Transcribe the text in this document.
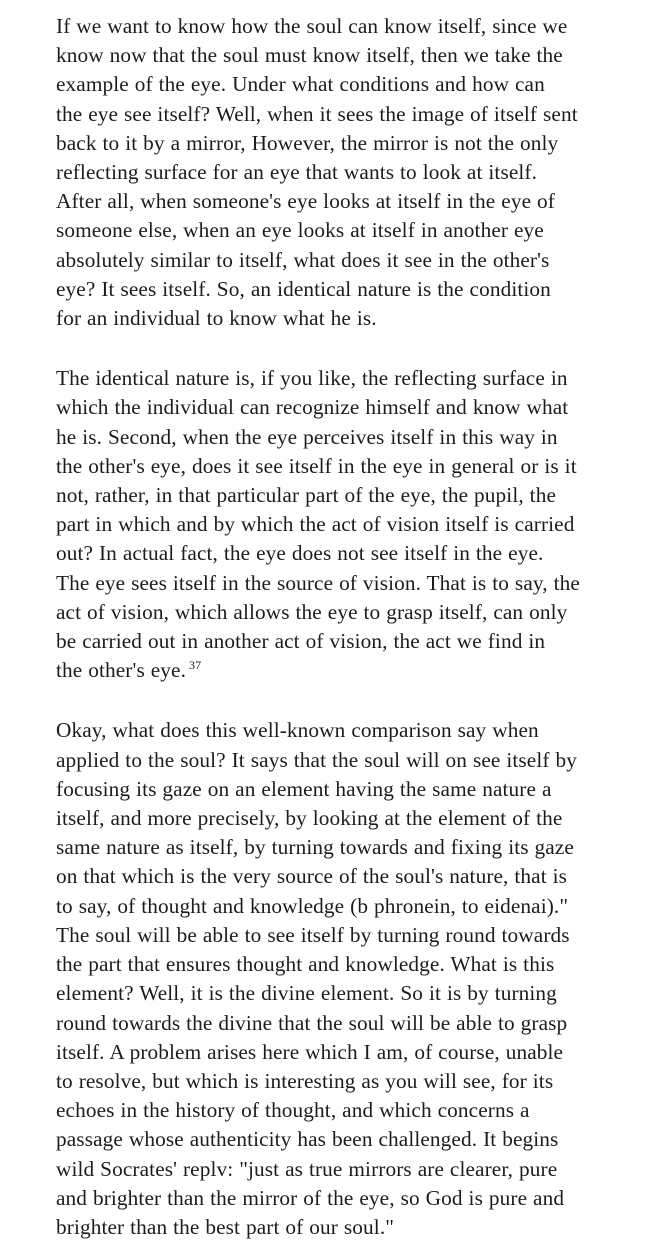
If we want to know how the soul can know itself, since we
know now that the soul must know itself, then we take the
example of the eye. Under what conditions and how can
the eye see itself? Well, when it sees the image of itself sent
back to it by a mirror, However, the mirror is not the only
reflecting surface for an eye that wants to look at itself.
After all, when someone's eye looks at itself in the eye of
someone else, when an eye looks at itself in another eye
absolutely similar to itself, what does it see in the other's
eye? It sees itself. So, an identical nature is the condition
for an individual to know what he is.

The identical nature is, if you like, the reflecting surface in
which the individual can recognize himself and know what
he is. Second, when the eye perceives itself in this way in
the other's eye, does it see itself in the eye in general or is it
not, rather, in that particular part of the eye, the pupil, the
part in which and by which the act of vision itself is carried
out? In actual fact, the eye does not see itself in the eye.
The eye sees itself in the source of vision. That is to say, the
act of vision, which allows the eye to grasp itself, can only
be carried out in another act of vision, the act we find in
the other's eye. $^{37}$

Okay, what does this well-known comparison say when
applied to the soul? It says that the soul will on see itself by
focusing its gaze on an element having the same nature a
itself, and more precisely, by looking at the element of the
same nature as itself, by turning towards and fixing its gaze
on that which is the very source of the soul's nature, that is
to say, of thought and knowledge (b phronein, to eidenai)."
The soul will be able to see itself by turning round towards
the part that ensures thought and knowledge. What is this
element? Well, it is the divine element. So it is by turning
round towards the divine that the soul will be able to grasp
itself. A problem arises here which I am, of course, unable
to resolve, but which is interesting as you will see, for its
echoes in the history of thought, and which concerns a
passage whose authenticity has been challenged. It begins
wild Socrates' replv: "just as true mirrors are clearer, pure
and brighter than the mirror of the eye, so God is pure and
brighter than the best part of our soul."
